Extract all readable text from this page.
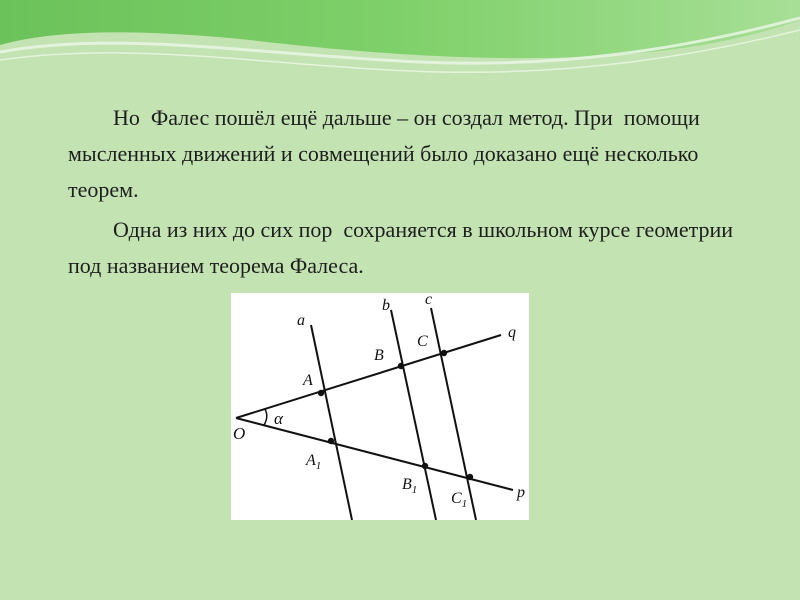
Но  Фалес пошёл ещё дальше – он создал метод. При  помощи мысленных движений и совмещений было доказано ещё несколько теорем.

Одна из них до сих пор  сохраняется в школьном курсе геометрии под названием теорема Фалеса.

a
b c
q
p
O
α
A
B
C
$A_1$
$B_1$ $C_1$
